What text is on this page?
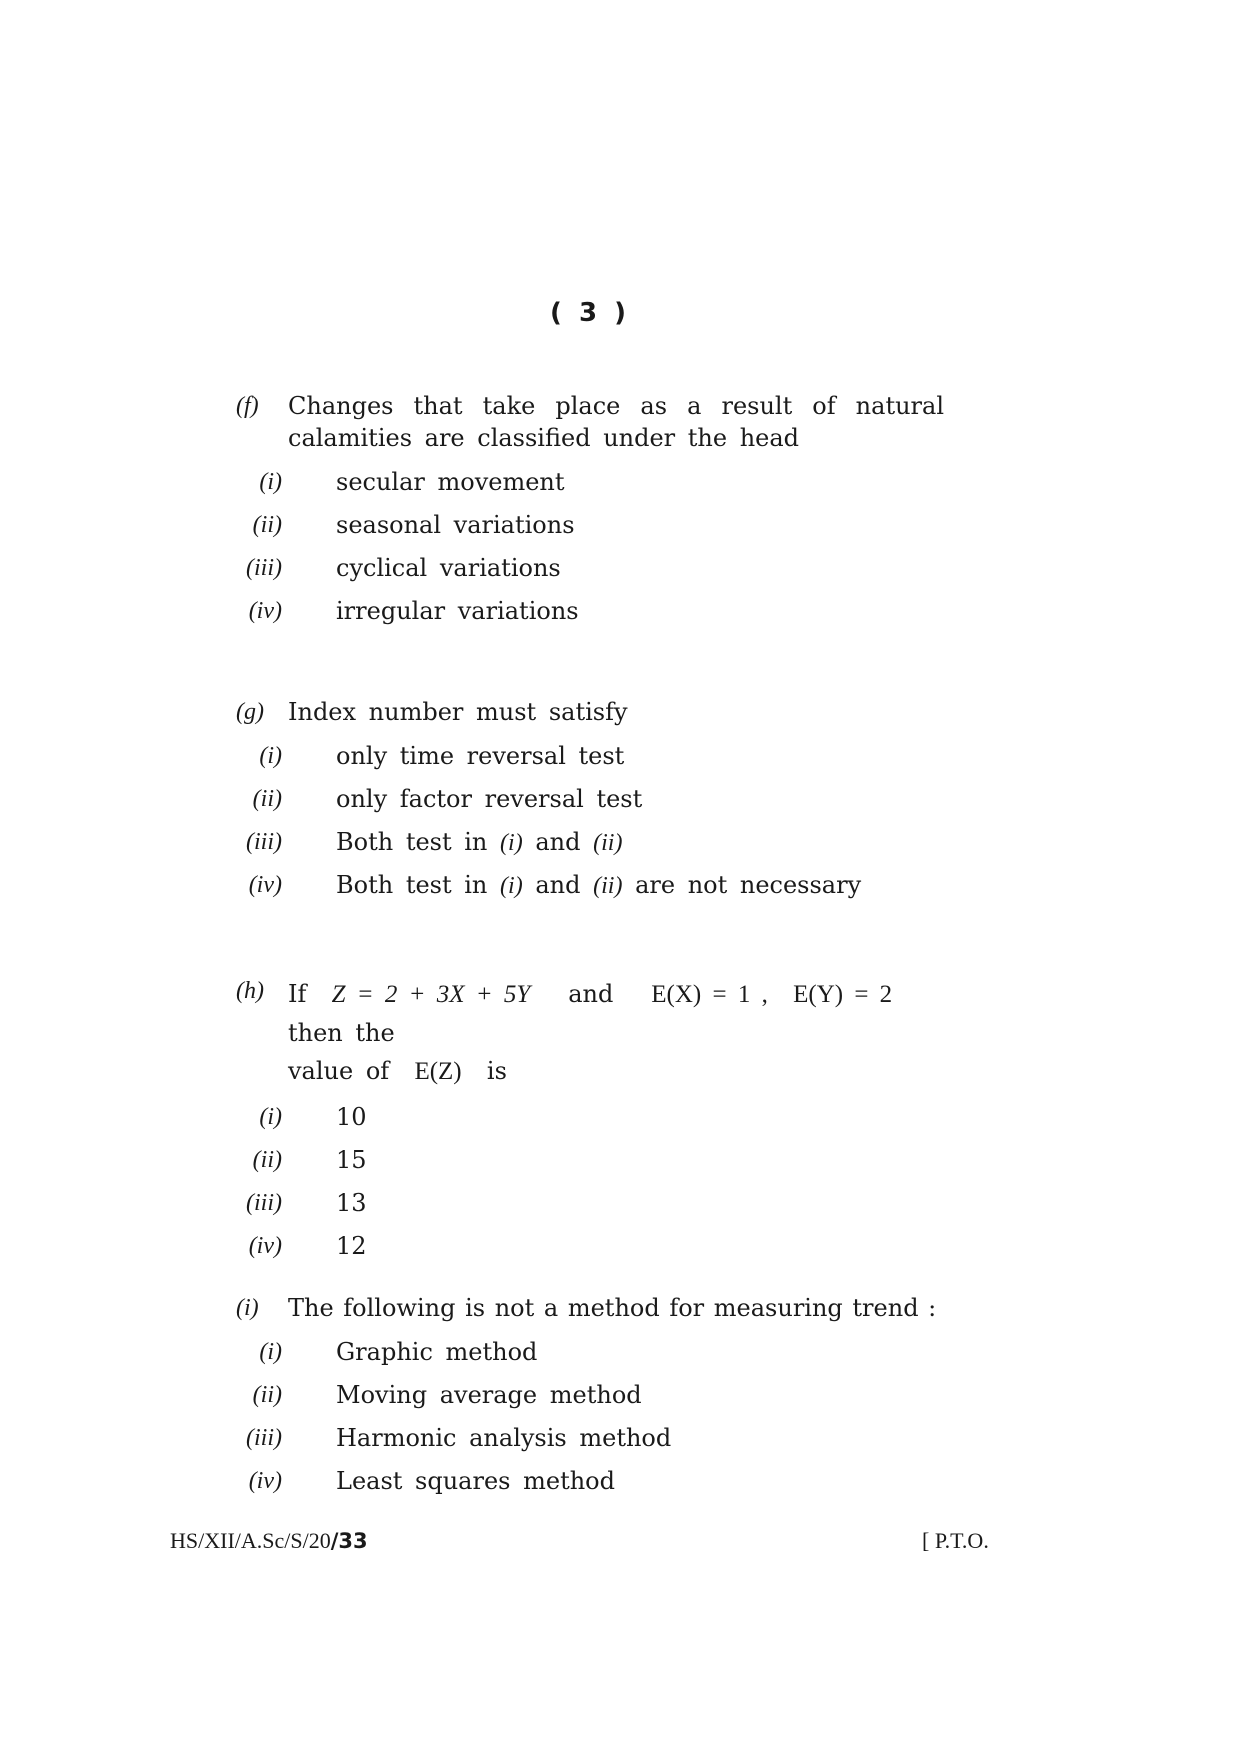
( 3 )
(f) Changes that take place as a result of natural calamities are classified under the head
(i) secular movement
(ii) seasonal variations
(iii) cyclical variations
(iv) irregular variations
(g) Index number must satisfy
(i) only time reversal test
(ii) only factor reversal test
(iii) Both test in (i) and (ii)
(iv) Both test in (i) and (ii) are not necessary
(h) If Z = 2 + 3X + 5Y and E(X) = 1 , E(Y) = 2   then the
value of E(Z) is
(i) 10
(ii) 15
(iii) 13
(iv) 12
(i) The following is not a method for measuring trend :
(i) Graphic method
(ii) Moving average method
(iii) Harmonic analysis method
(iv) Least squares method
HS/XII/A.Sc/S/20/33	[ P.T.O.
